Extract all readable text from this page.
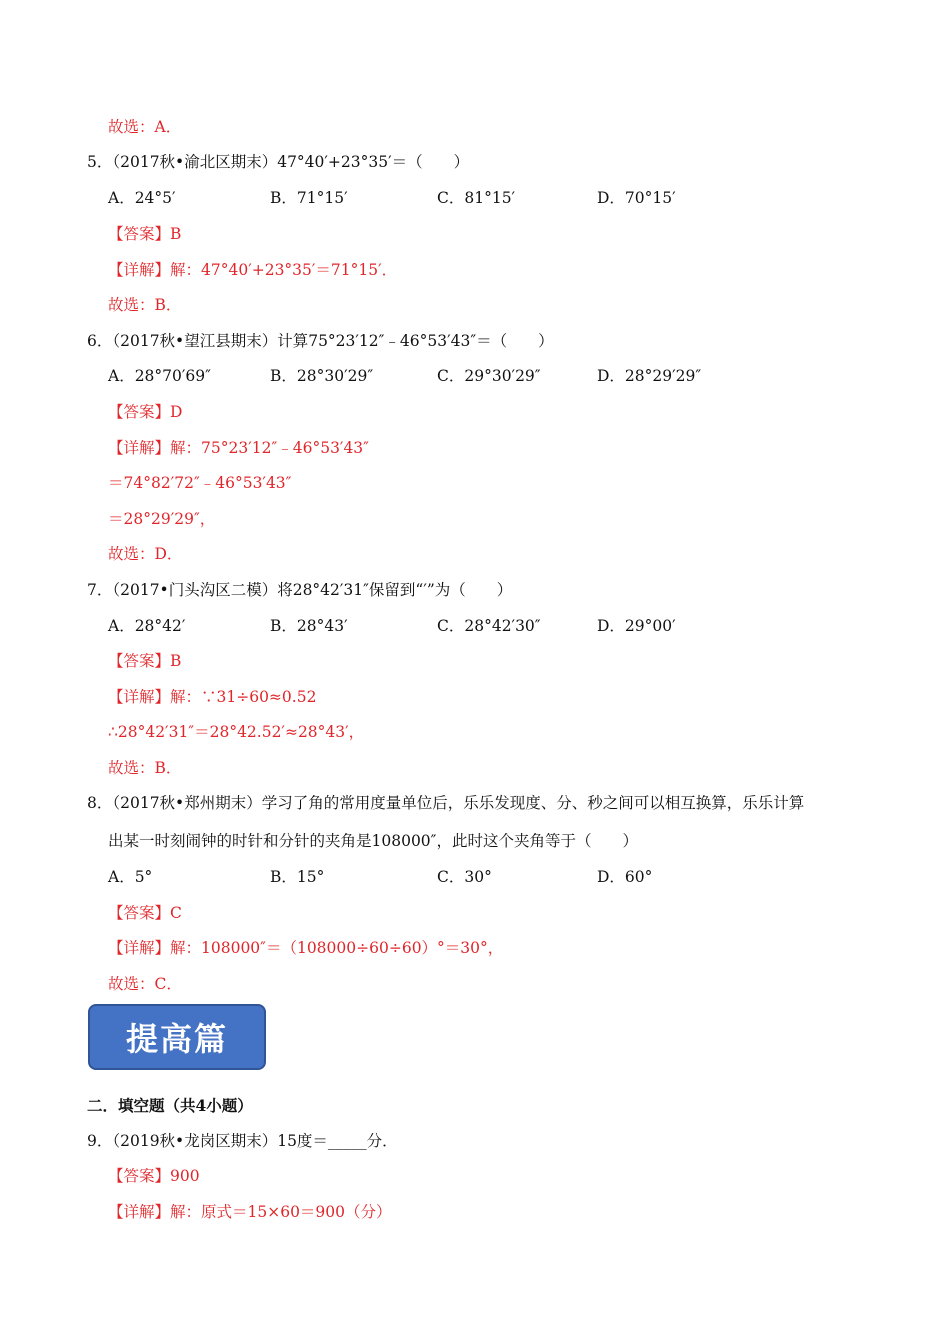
故选：A．
5．（2017秋•渝北区期末）47°40′+23°35′＝（　　）
A．24°5′	B．71°15′	C．81°15′	D．70°15′
【答案】B
【详解】解：47°40′+23°35′＝71°15′．
故选：B．
6．（2017秋•望江县期末）计算75°23′12″﹣46°53′43″＝（　　）
A．28°70′69″	B．28°30′29″	C．29°30′29″	D．28°29′29″
【答案】D
【详解】解：75°23′12″﹣46°53′43″
＝74°82′72″﹣46°53′43″
＝28°29′29″，
故选：D．
7．（2017•门头沟区二模）将28°42′31″保留到“′”为（　　）
A．28°42′	B．28°43′	C．28°42′30″	D．29°00′
【答案】B
【详解】解：∵31÷60≈0.52
∴28°42′31″＝28°42.52′≈28°43′，
故选：B．
8．（2017秋•郑州期末）学习了角的常用度量单位后，乐乐发现度、分、秒之间可以相互换算，乐乐计算
出某一时刻闹钟的时针和分针的夹角是108000″，此时这个夹角等于（　　）
A．5°	B．15°	C．30°	D．60°
【答案】C
【详解】解：108000″＝（108000÷60÷60）°＝30°，
故选：C．
提高篇
二．填空题（共4小题）
9．（2019秋•龙岗区期末）15度＝_____分．
【答案】900
【详解】解：原式＝15×60＝900（分）
